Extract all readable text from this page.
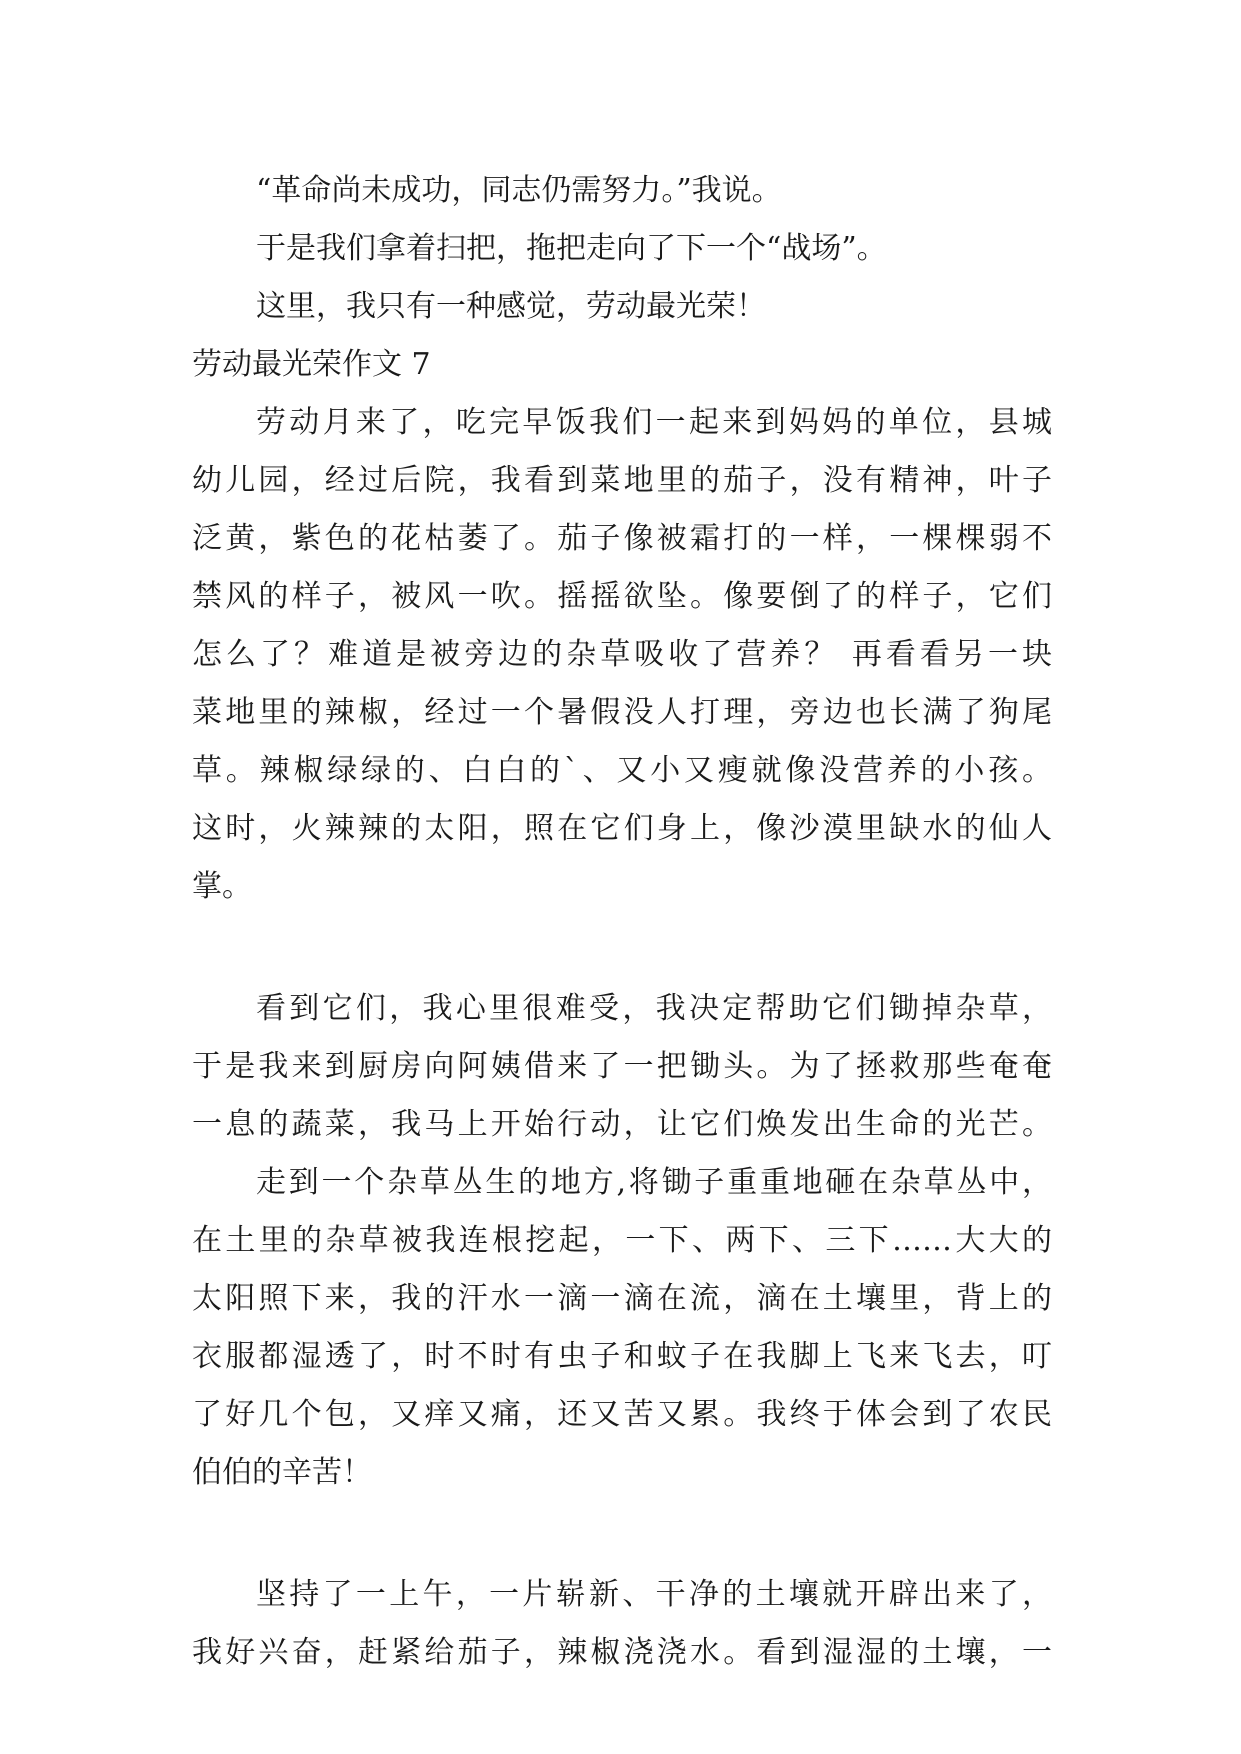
“革命尚未成功，同志仍需努力。”我说。
于是我们拿着扫把，拖把走向了下一个“战场”。
这里，我只有一种感觉，劳动最光荣！
劳动最光荣作文 7
劳动月来了，吃完早饭我们一起来到妈妈的单位，县城
幼儿园，经过后院，我看到菜地里的茄子，没有精神，叶子
泛黄，紫色的花枯萎了。茄子像被霜打的一样，一棵棵弱不
禁风的样子，被风一吹。摇摇欲坠。像要倒了的样子，它们
怎么了？难道是被旁边的杂草吸收了营养？ 再看看另一块
菜地里的辣椒，经过一个暑假没人打理，旁边也长满了狗尾
草。辣椒绿绿的、白白的`、又小又瘦就像没营养的小孩。
这时，火辣辣的太阳，照在它们身上，像沙漠里缺水的仙人
掌。
看到它们，我心里很难受，我决定帮助它们锄掉杂草，
于是我来到厨房向阿姨借来了一把锄头。为了拯救那些奄奄
一息的蔬菜，我马上开始行动，让它们焕发出生命的光芒。
走到一个杂草丛生的地方,将锄子重重地砸在杂草丛中，
在土里的杂草被我连根挖起，一下、两下、三下……大大的
太阳照下来，我的汗水一滴一滴在流，滴在土壤里，背上的
衣服都湿透了，时不时有虫子和蚊子在我脚上飞来飞去，叮
了好几个包，又痒又痛，还又苦又累。我终于体会到了农民
伯伯的辛苦！
坚持了一上午，一片崭新、干净的土壤就开辟出来了，
我好兴奋，赶紧给茄子，辣椒浇浇水。看到湿湿的土壤，一
